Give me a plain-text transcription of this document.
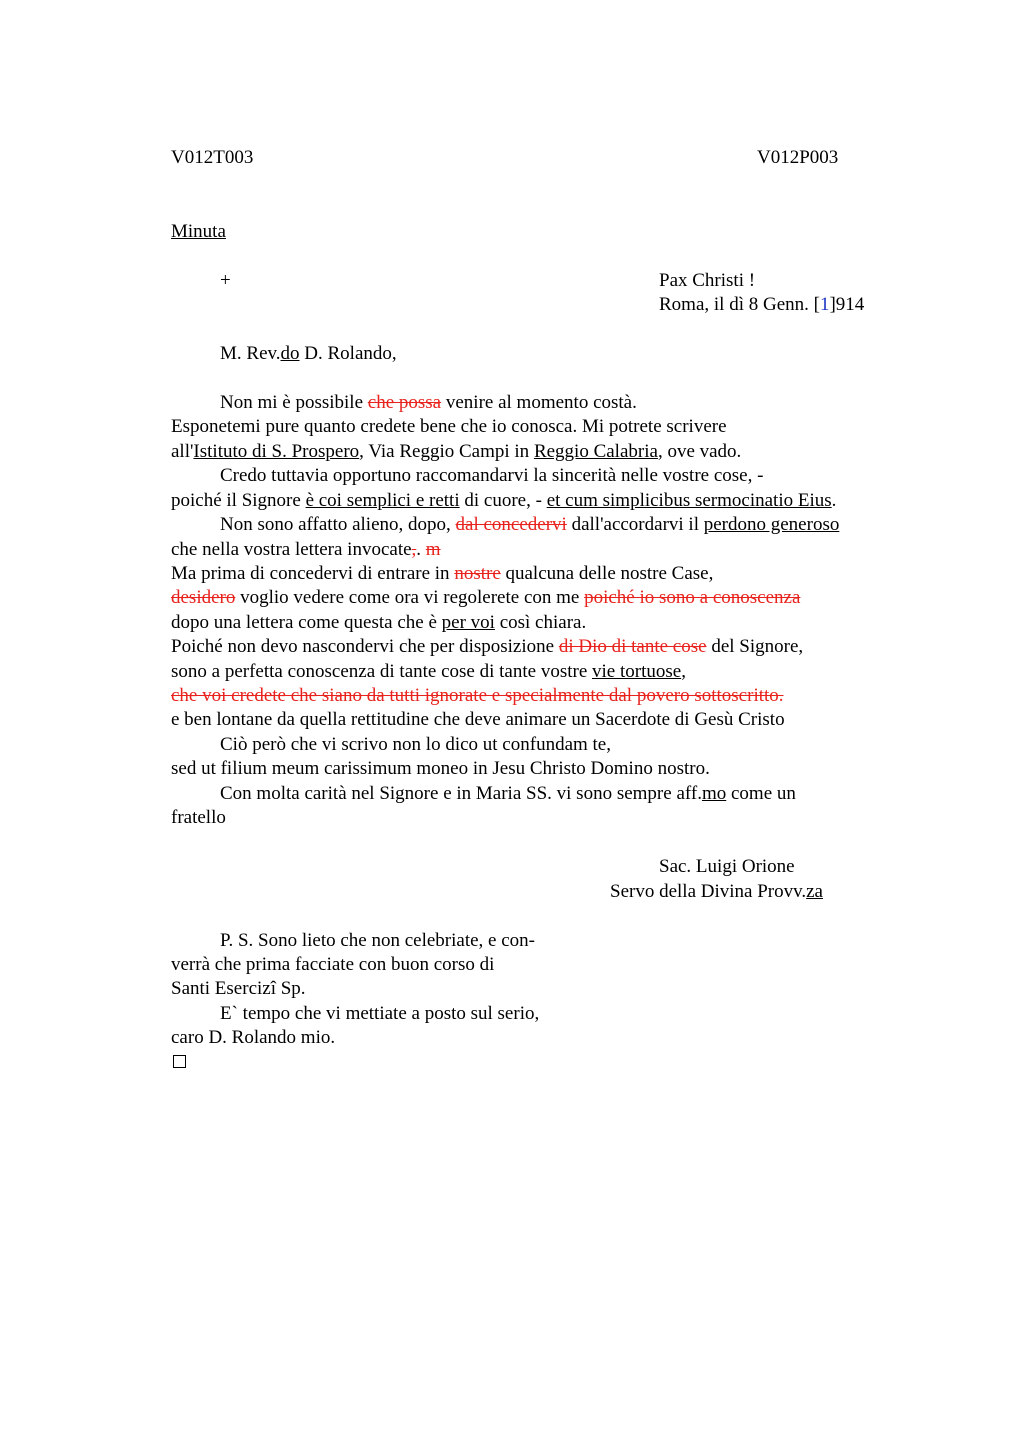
V012T003	V012P003
Minuta
+	Pax Christi !
Roma, il dì 8 Genn. [1]914
M. Rev.do D. Rolando,
Non mi è possibile che possa venire al momento costà.
Esponetemi pure quanto credete bene che io conosca. Mi potrete scrivere
all'Istituto di S. Prospero, Via Reggio Campi in Reggio Calabria, ove vado.
Credo tuttavia opportuno raccomandarvi la sincerità nelle vostre cose, -
poiché il Signore è coi semplici e retti di cuore, - et cum simplicibus sermocinatio Eius.
Non sono affatto alieno, dopo, dal concedervi dall'accordarvi il perdono generoso
che nella vostra lettera invocate,. m
Ma prima di concedervi di entrare in nostre qualcuna delle nostre Case,
desidero voglio vedere come ora vi regolerete con me poiché io sono a conoscenza
dopo una lettera come questa che è per voi così chiara.
Poiché non devo nascondervi che per disposizione di Dio di tante cose del Signore,
sono a perfetta conoscenza di tante cose di tante vostre vie tortuose,
che voi credete che siano da tutti ignorate e specialmente dal povero sottoscritto.
e ben lontane da quella rettitudine che deve animare un Sacerdote di Gesù Cristo
Ciò però che vi scrivo non lo dico ut confundam te,
sed ut filium meum carissimum moneo in Jesu Christo Domino nostro.
Con molta carità nel Signore e in Maria SS. vi sono sempre aff.mo come un
fratello
Sac. Luigi Orione
Servo della Divina Provv.za
P. S. Sono lieto che non celebriate, e con-
verrà che prima facciate con buon corso di
Santi Esercizî Sp.
E` tempo che vi mettiate a posto sul serio,
caro D. Rolando mio.
